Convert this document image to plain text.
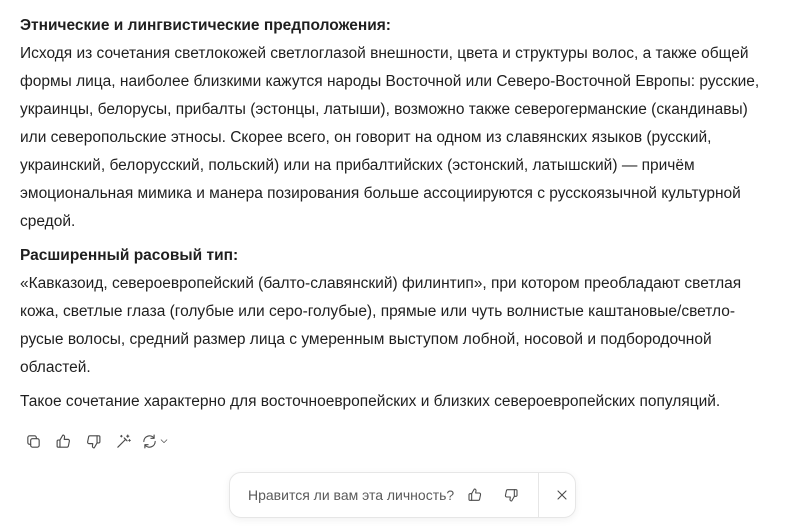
Этнические и лингвистические предположения:

Исходя из сочетания светлокожей светлоглазой внешности, цвета и структуры волос, а также общей
формы лица, наиболее близкими кажутся народы Восточной или Северо-Восточной Европы: русские,
украинцы, белорусы, прибалты (эстонцы, латыши), возможно также северогерманские (скандинавы)
или северопольские этносы. Скорее всего, он говорит на одном из славянских языков (русский,
украинский, белорусский, польский) или на прибалтийских (эстонский, латышский) — причём
эмоциональная мимика и манера позирования больше ассоциируются с русскоязычной культурной
средой.

Расширенный расовый тип:

«Кавказоид, североевропейский (балто-славянский) филинтип», при котором преобладают светлая
кожа, светлые глаза (голубые или серо-голубые), прямые или чуть волнистые каштановые/светло-
русые волосы, средний размер лица с умеренным выступом лобной, носовой и подбородочной
областей.

Такое сочетание характерно для восточноевропейских и близких североевропейских популяций.

Нравится ли вам эта личность?
